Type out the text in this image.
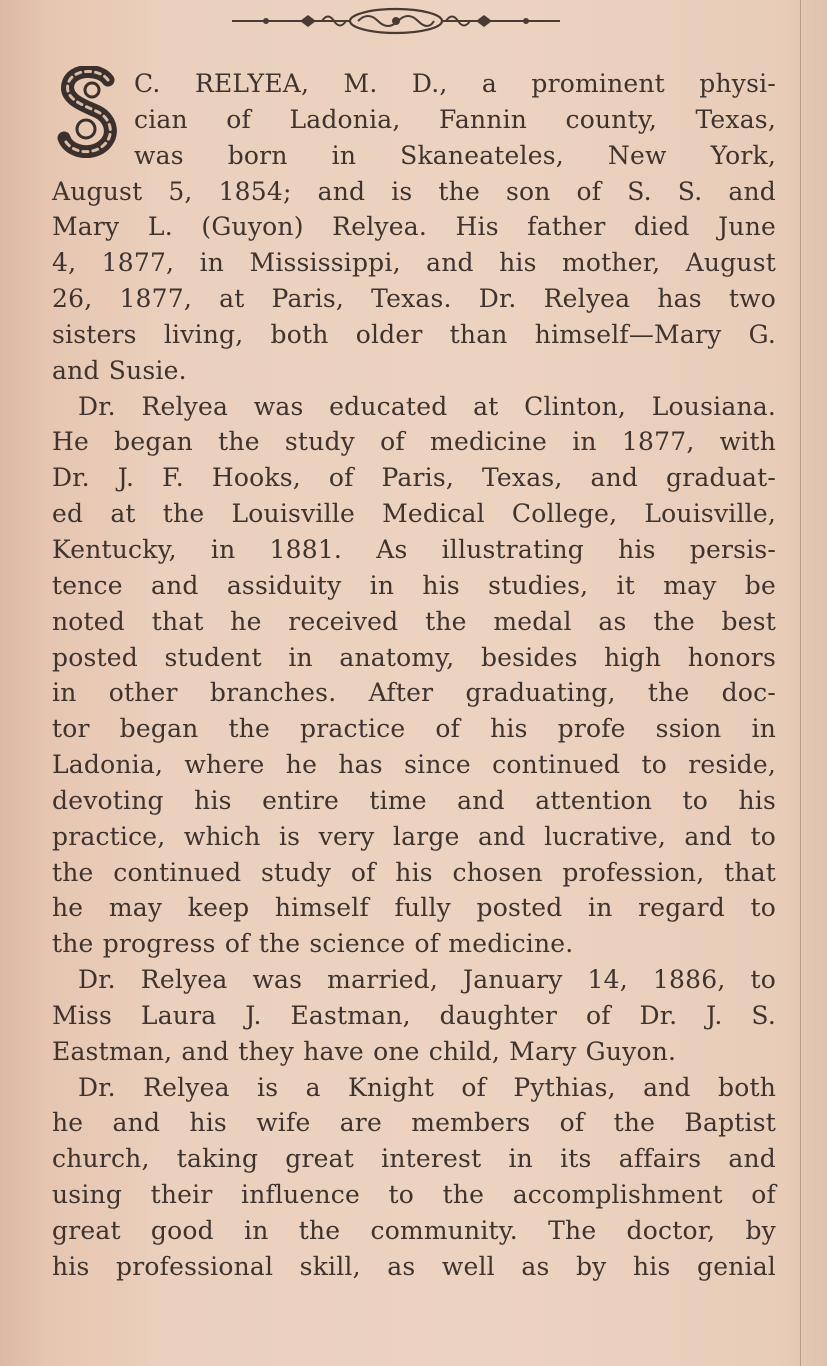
C. RELYEA, M. D., a prominent physi-
cian of Ladonia, Fannin county, Texas,
was born in Skaneateles, New York,
August 5, 1854; and is the son of S. S. and
Mary L. (Guyon) Relyea. His father died June
4, 1877, in Mississippi, and his mother, August
26, 1877, at Paris, Texas. Dr. Relyea has two
sisters living, both older than himself—Mary G.
and Susie.
Dr. Relyea was educated at Clinton, Lousiana.
He began the study of medicine in 1877, with
Dr. J. F. Hooks, of Paris, Texas, and graduat-
ed at the Louisville Medical College, Louisville,
Kentucky, in 1881. As illustrating his persis-
tence and assiduity in his studies, it may be
noted that he received the medal as the best
posted student in anatomy, besides high honors
in other branches. After graduating, the doc-
tor began the practice of his profe ssion in
Ladonia, where he has since continued to reside,
devoting his entire time and attention to his
practice, which is very large and lucrative, and to
the continued study of his chosen profession, that
he may keep himself fully posted in regard to
the progress of the science of medicine.
Dr. Relyea was married, January 14, 1886, to
Miss Laura J. Eastman, daughter of Dr. J. S.
Eastman, and they have one child, Mary Guyon.
Dr. Relyea is a Knight of Pythias, and both
he and his wife are members of the Baptist
church, taking great interest in its affairs and
using their influence to the accomplishment of
great good in the community. The doctor, by
his professional skill, as well as by his genial
